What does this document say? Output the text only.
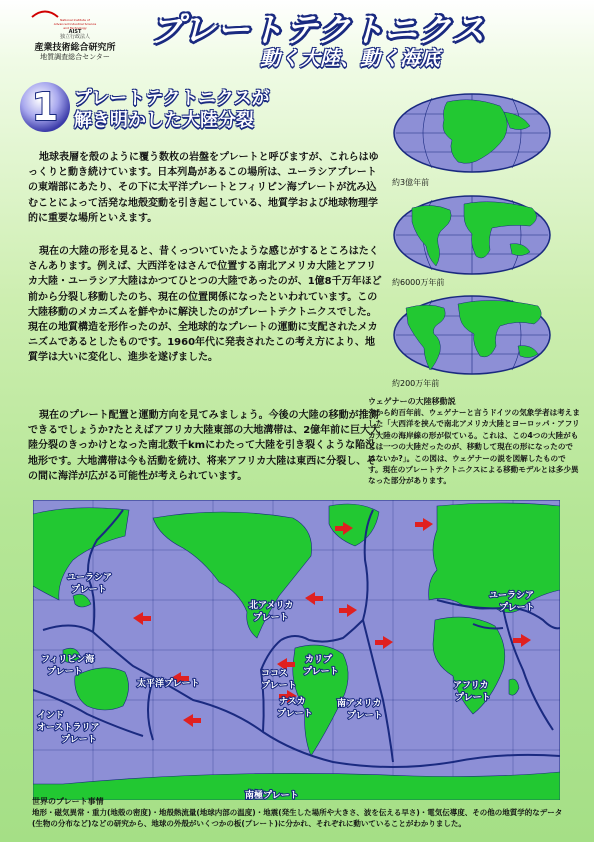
National Institute of
Advanced Industrial Science
and Technology
AIST
独立行政法人
産業技術総合研究所
地質調査総合センター
プレートテクトニクス
動く大陸、動く海底
1 プレートテクトニクスが
解き明かした大陸分裂
地球表層を殻のように覆う数枚の岩盤をプレートと呼びますが、これらはゆっくりと動き続けています。日本列島があるこの場所は、ユーラシアプレートの東端部にあたり、その下に太平洋プレートとフィリピン海プレートが沈み込むことによって活発な地殻変動を引き起こしている、地質学および地球物理学的に重要な場所といえます。
現在の大陸の形を見ると、昔くっついていたような感じがするところはたくさんあります。例えば、大西洋をはさんで位置する南北アメリカ大陸とアフリカ大陸・ユーラシア大陸はかつてひとつの大陸であったのが、1億8千万年ほど前から分裂し移動したのち、現在の位置関係になったといわれています。この大陸移動のメカニズムを鮮やかに解決したのがプレートテクトニクスでした。現在の地質構造を形作ったのが、全地球的なプレートの運動に支配されたメカニズムであるとしたものです。1960年代に発表されたこの考え方により、地質学は大いに変化し、進歩を遂げました。
現在のプレート配置と運動方向を見てみましょう。今後の大陸の移動が推測できるでしょうか?たとえばアフリカ大陸東部の大地溝帯は、2億年前に巨大大陸分裂のきっかけとなった南北数千kmにわたって大陸を引き裂くような陥没地形です。大地溝帯は今も活動を続け、将来アフリカ大陸は東西に分裂し、その間に海洋が広がる可能性が考えられています。
約3億年前
約6000万年前
約200万年前
ウェゲナーの大陸移動説
今から約百年前、ウェゲナーと言うドイツの気象学者は考えました「大西洋を挟んで南北アメリカ大陸とヨーロッパ・アフリカ大陸の海岸線の形が似ている。これは、この4つの大陸がもとは一つの大陸だったのが、移動して現在の形になったのではないか?」。この図は、ウェゲナーの説を図解したものです。現在のプレートテクトニクスによる移動モデルとは多少異なった部分があります。
ユーラシア
プレート
フィリピン海
プレート
太平洋プレート
インド
オーストラリア
プレート
北アメリカ
プレート
ココス
プレート
カリブ
プレート
ナスカ
プレート
南アメリカ
プレート
ユーラシア
プレート
アフリカ
プレート
南極プレート
世界のプレート事情
地形・磁気異常・重力(地殻の密度)・地殻熱流量(地球内部の温度)・地震(発生した場所や大きさ、波を伝える早さ)・電気伝導度、その他の地質学的なデータ(生物の分布など)などの研究から、地球の外殻がいくつかの板(プレート)に分かれ、それぞれに動いていることがわかりました。
